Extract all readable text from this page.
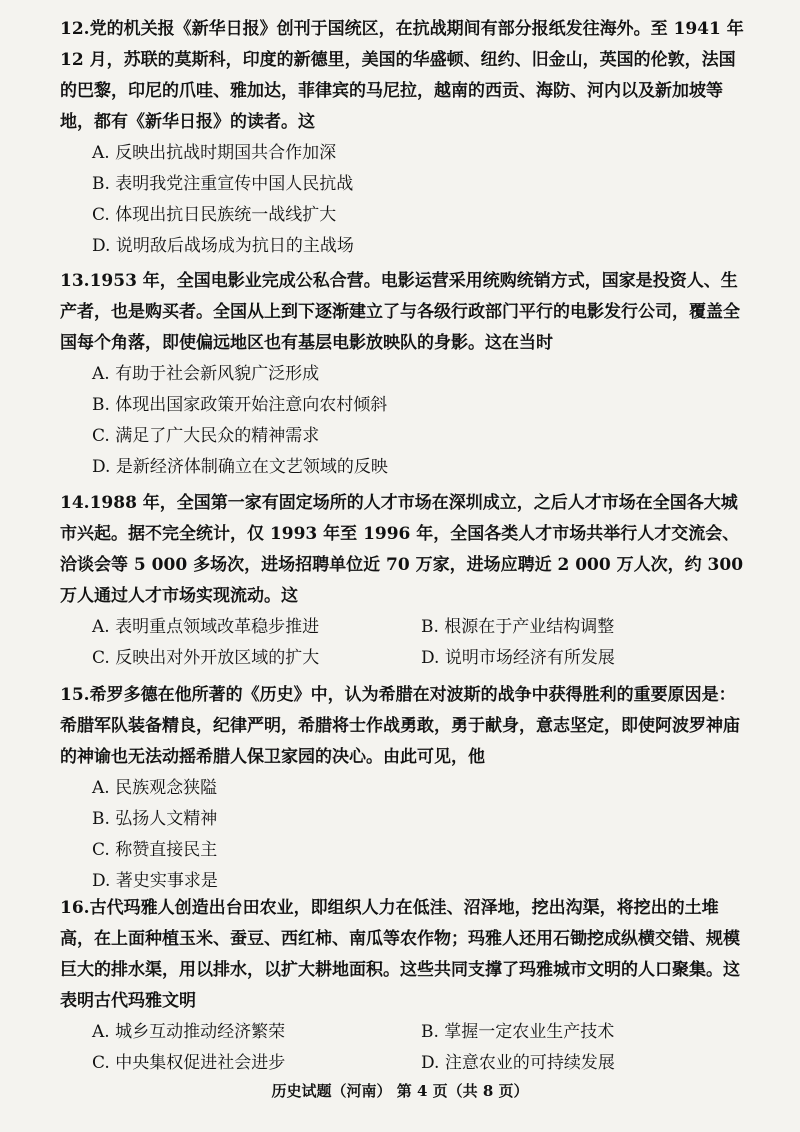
12.党的机关报《新华日报》创刊于国统区，在抗战期间有部分报纸发往海外。至 1941 年 12 月，苏联的莫斯科，印度的新德里，美国的华盛顿、纽约、旧金山，英国的伦敦，法国的巴黎，印尼的爪哇、雅加达，菲律宾的马尼拉，越南的西贡、海防、河内以及新加坡等地，都有《新华日报》的读者。这

A. 反映出抗战时期国共合作加深

B. 表明我党注重宣传中国人民抗战

C. 体现出抗日民族统一战线扩大

D. 说明敌后战场成为抗日的主战场

13.1953 年，全国电影业完成公私合营。电影运营采用统购统销方式，国家是投资人、生产者，也是购买者。全国从上到下逐渐建立了与各级行政部门平行的电影发行公司，覆盖全国每个角落，即使偏远地区也有基层电影放映队的身影。这在当时

A. 有助于社会新风貌广泛形成

B. 体现出国家政策开始注意向农村倾斜

C. 满足了广大民众的精神需求

D. 是新经济体制确立在文艺领域的反映

14.1988 年，全国第一家有固定场所的人才市场在深圳成立，之后人才市场在全国各大城市兴起。据不完全统计，仅 1993 年至 1996 年，全国各类人才市场共举行人才交流会、洽谈会等 5 000 多场次，进场招聘单位近 70 万家，进场应聘近 2 000 万人次，约 300 万人通过人才市场实现流动。这

A. 表明重点领域改革稳步推进	B. 根源在于产业结构调整

C. 反映出对外开放区域的扩大	D. 说明市场经济有所发展

15.希罗多德在他所著的《历史》中，认为希腊在对波斯的战争中获得胜利的重要原因是：希腊军队装备精良，纪律严明，希腊将士作战勇敢，勇于献身，意志坚定，即使阿波罗神庙的神谕也无法动摇希腊人保卫家园的决心。由此可见，他

A. 民族观念狭隘

B. 弘扬人文精神

C. 称赞直接民主

D. 著史实事求是

16.古代玛雅人创造出台田农业，即组织人力在低洼、沼泽地，挖出沟渠，将挖出的土堆高，在上面种植玉米、蚕豆、西红柿、南瓜等农作物；玛雅人还用石锄挖成纵横交错、规模巨大的排水渠，用以排水，以扩大耕地面积。这些共同支撑了玛雅城市文明的人口聚集。这表明古代玛雅文明

A. 城乡互动推动经济繁荣	B. 掌握一定农业生产技术

C. 中央集权促进社会进步	D. 注意农业的可持续发展

历史试题（河南） 第 4 页（共 8 页）
